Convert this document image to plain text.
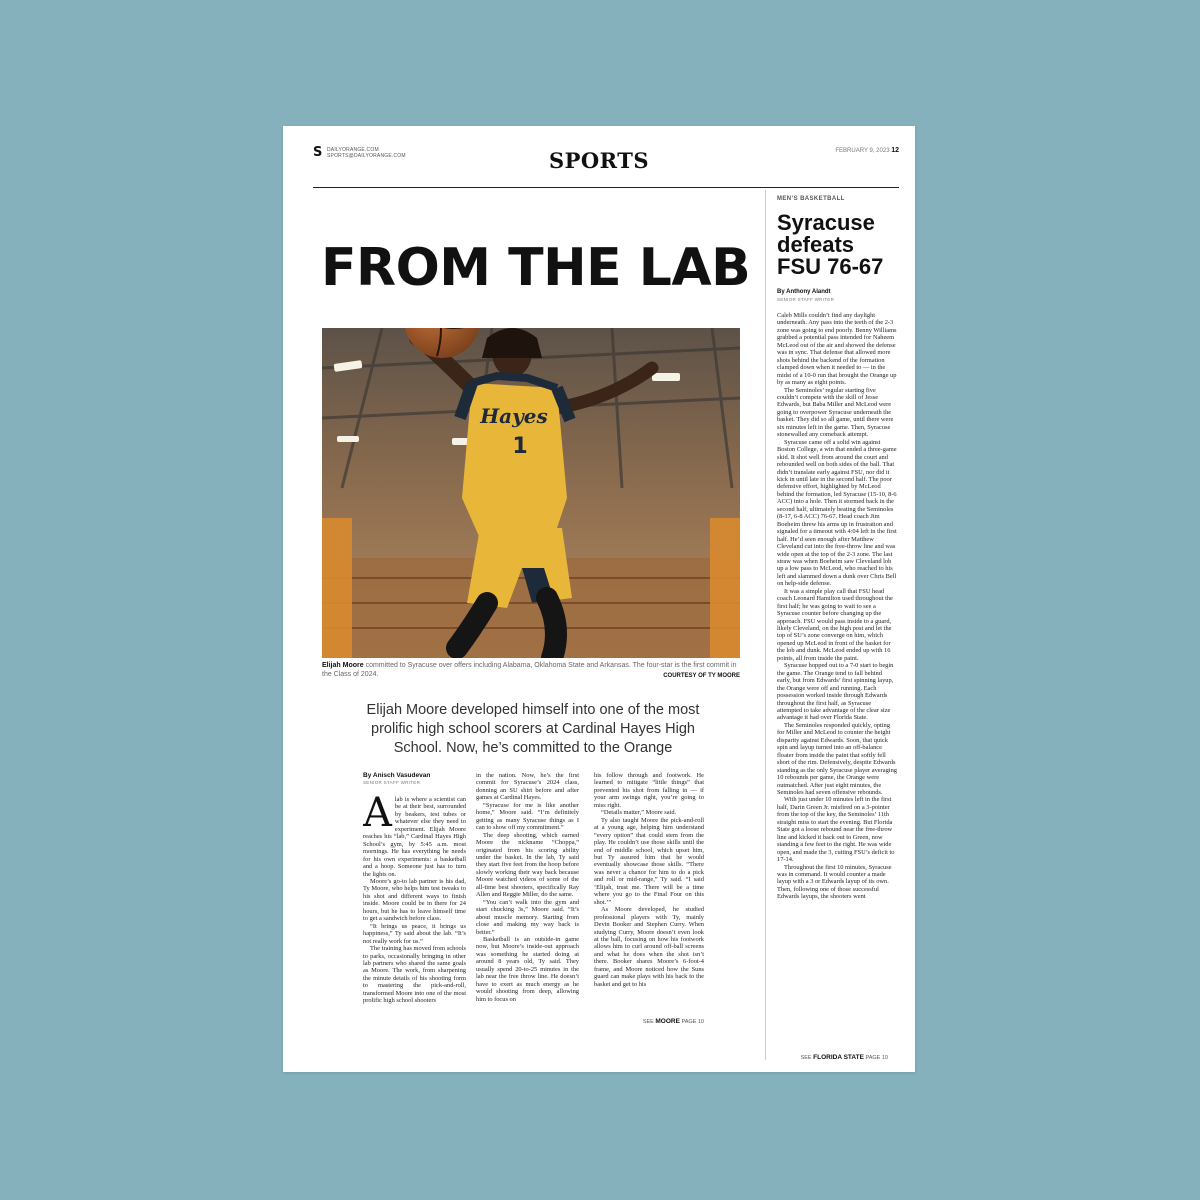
S DAILYORANGE.COM
SPORTS@DAILYORANGE.COM	SPORTS	FEBRUARY 9, 2023 12
FROM THE LAB
Hayes
1
Elijah Moore committed to Syracuse over offers including Alabama, Oklahoma State and Arkansas. The four-star is the first commit in the Class of 2024.	COURTESY OF TY MOORE
Elijah Moore developed himself into one of the most prolific high school scorers at Cardinal Hayes High School. Now, he’s committed to the Orange
By Anisch Vasudevan
SENIOR STAFF WRITER

A lab is where a scientist can be at their best, surrounded by beakers, test tubes or whatever else they need to experiment. Elijah Moore reaches his “lab,” Cardinal Hayes High School’s gym, by 5:45 a.m. most mornings. He has everything he needs for his own experiments: a basketball and a hoop. Someone just has to turn the lights on.

Moore’s go-to lab partner is his dad, Ty Moore, who helps him test tweaks to his shot and different ways to finish inside. Moore could be in there for 24 hours, but he has to leave himself time to get a sandwich before class.

“It brings us peace, it brings us happiness,” Ty said about the lab. “It’s not really work for us.”

The training has moved from schools to parks, occasionally bringing in other lab partners who shared the same goals as Moore. The work, from sharpening the minute details of his shooting form to mastering the pick-and-roll, transformed Moore into one of the most prolific high school shooters

in the nation. Now, he’s the first commit for Syracuse’s 2024 class, donning an SU shirt before and after games at Cardinal Hayes.

“Syracuse for me is like another home,” Moore said. “I’m definitely getting as many Syracuse things as I can to show off my commitment.”

The deep shooting, which earned Moore the nickname “Choppa,” originated from his scoring ability under the basket. In the lab, Ty said they start five feet from the hoop before slowly working their way back because Moore watched videos of some of the all-time best shooters, specifically Ray Allen and Reggie Miller, do the same.

“You can’t walk into the gym and start chucking 3s,” Moore said. “It’s about muscle memory. Starting from close and making my way back is better.”

Basketball is an outside-in game now, but Moore’s inside-out approach was something he started doing at around 8 years old, Ty said. They usually spend 20-to-25 minutes in the lab near the free throw line. He doesn’t have to exert as much energy as he would shooting from deep, allowing him to focus on

his follow through and footwork. He learned to mitigate “little things” that prevented his shot from falling in — if your arm swings right, you’re going to miss right.

“Details matter,” Moore said.

Ty also taught Moore the pick-and-roll at a young age, helping him understand “every option” that could stem from the play. He couldn’t use those skills until the end of middle school, which upset him, but Ty assured him that he would eventually showcase those skills. “There was never a chance for him to do a pick and roll or mid-range,” Ty said. “I said ‘Elijah, trust me. There will be a time where you go to the Final Four on this shot.’”

As Moore developed, he studied professional players with Ty, mainly Devin Booker and Stephen Curry. When studying Curry, Moore doesn’t even look at the ball, focusing on how his footwork allows him to curl around off-ball screens and what he does when the shot isn’t there. Booker shares Moore’s 6-foot-4 frame, and Moore noticed how the Suns guard can make plays with his back to the basket and get to his

SEE MOORE PAGE 10
MEN’S BASKETBALL
Syracuse defeats FSU 76-67
By Anthony Alandt
SENIOR STAFF WRITER

Caleb Mills couldn’t find any daylight underneath. Any pass into the teeth of the 2-3 zone was going to end poorly. Benny Williams grabbed a potential pass intended for Naheem McLeod out of the air and showed the defense was in sync. That defense that allowed more shots behind the backend of the formation clamped down when it needed to — in the midst of a 10-0 run that brought the Orange up by as many as eight points.

The Seminoles’ regular starting five couldn’t compete with the skill of Jesse Edwards, but Baba Miller and McLeod were going to overpower Syracuse underneath the basket. They did so all game, until there were six minutes left in the game. Then, Syracuse stonewalled any comeback attempt.

Syracuse came off a solid win against Boston College, a win that ended a three-game skid. It shot well from around the court and rebounded well on both sides of the ball. That didn’t translate early against FSU, nor did it kick in until late in the second half. The poor defensive effort, highlighted by McLeod behind the formation, led Syracuse (15-10, 8-6 ACC) into a hole. Then it stormed back in the second half, ultimately beating the Seminoles (8-17, 6-8 ACC) 76-67. Head coach Jim Boeheim threw his arms up in frustration and signaled for a timeout with 4:04 left in the first half. He’d seen enough after Matthew Cleveland cut into the free-throw line and was wide open at the top of the 2-3 zone. The last straw was when Boeheim saw Cleveland lob up a low pass to McLeod, who reached to his left and slammed down a dunk over Chris Bell on help-side defense.

It was a simple play call that FSU head coach Leonard Hamilton used throughout the first half; he was going to wait to see a Syracuse counter before changing up the approach. FSU would pass inside to a guard, likely Cleveland, on the high post and let the top of SU’s zone converge on him, which opened up McLeod in front of the basket for the lob and dunk. McLeod ended up with 16 points, all from inside the paint.

Syracuse hopped out to a 7-0 start to begin the game. The Orange tend to fall behind early, but from Edwards’ first spinning layup, the Orange were off and running. Each possession worked inside through Edwards throughout the first half, as Syracuse attempted to take advantage of the clear size advantage it had over Florida State.

The Seminoles responded quickly, opting for Miller and McLeod to counter the height disparity against Edwards. Soon, that quick spin and layup turned into an off-balance floater from inside the paint that softly fell short of the rim. Defensively, despite Edwards standing as the only Syracuse player averaging 10 rebounds per game, the Orange were outmatched. After just eight minutes, the Seminoles had seven offensive rebounds.

With just under 10 minutes left in the first half, Darin Green Jr. misfired on a 3-pointer from the top of the key, the Seminoles’ 11th straight miss to start the evening. But Florida State got a loose rebound near the free-throw line and kicked it back out to Green, now standing a few feet to the right. He was wide open, and made the 3, cutting FSU’s deficit to 17-14.

Throughout the first 10 minutes, Syracuse was in command. It would counter a made layup with a 3 or Edwards layup of its own. Then, following one of those successful Edwards layups, the shooters went

SEE FLORIDA STATE PAGE 10
